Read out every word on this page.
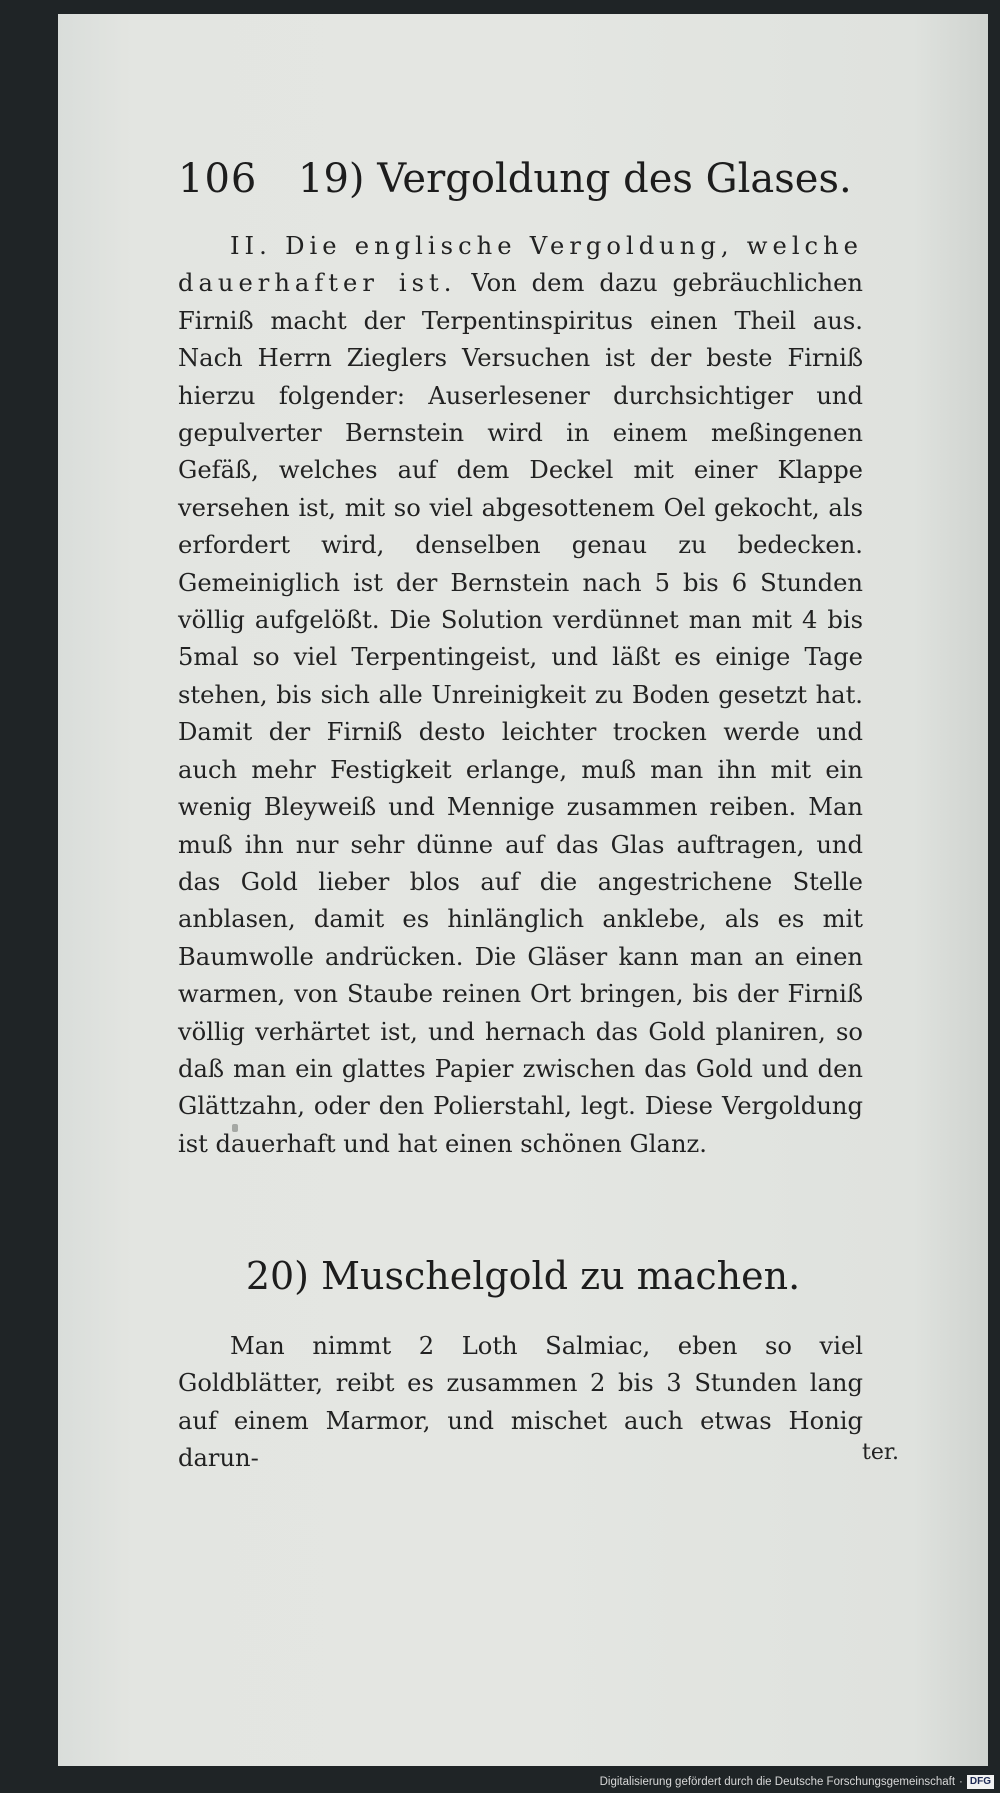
106 19) Vergoldung des Glases.
II. Die englische Vergoldung, welche dauerhafter ist. Von dem dazu gebräuchlichen Firniß macht der Terpentinspiritus einen Theil aus. Nach Herrn Zieglers Versuchen ist der beste Firniß hierzu folgender: Auserlesener durchsichtiger und gepulverter Bernstein wird in einem meßingenen Gefäß, welches auf dem Deckel mit einer Klappe versehen ist, mit so viel abgesottenem Oel gekocht, als erfordert wird, denselben genau zu bedecken. Gemeiniglich ist der Bernstein nach 5 bis 6 Stunden völlig aufgelößt. Die Solution verdünnet man mit 4 bis 5mal so viel Terpentingeist, und läßt es einige Tage stehen, bis sich alle Unreinigkeit zu Boden gesetzt hat. Damit der Firniß desto leichter trocken werde und auch mehr Festigkeit erlange, muß man ihn mit ein wenig Bleyweiß und Mennige zusammen reiben. Man muß ihn nur sehr dünne auf das Glas auftragen, und das Gold lieber blos auf die angestrichene Stelle anblasen, damit es hinlänglich anklebe, als es mit Baumwolle andrücken. Die Gläser kann man an einen warmen, von Staube reinen Ort bringen, bis der Firniß völlig verhärtet ist, und hernach das Gold planiren, so daß man ein glattes Papier zwischen das Gold und den Glättzahn, oder den Polierstahl, legt. Diese Vergoldung ist dauerhaft und hat einen schönen Glanz.
20) Muschelgold zu machen.
Man nimmt 2 Loth Salmiac, eben so viel Goldblätter, reibt es zusammen 2 bis 3 Stunden lang auf einem Marmor, und mischet auch etwas Honig darun-	ter.
Digitalisierung gefördert durch die Deutsche Forschungsgemeinschaft · DFG
